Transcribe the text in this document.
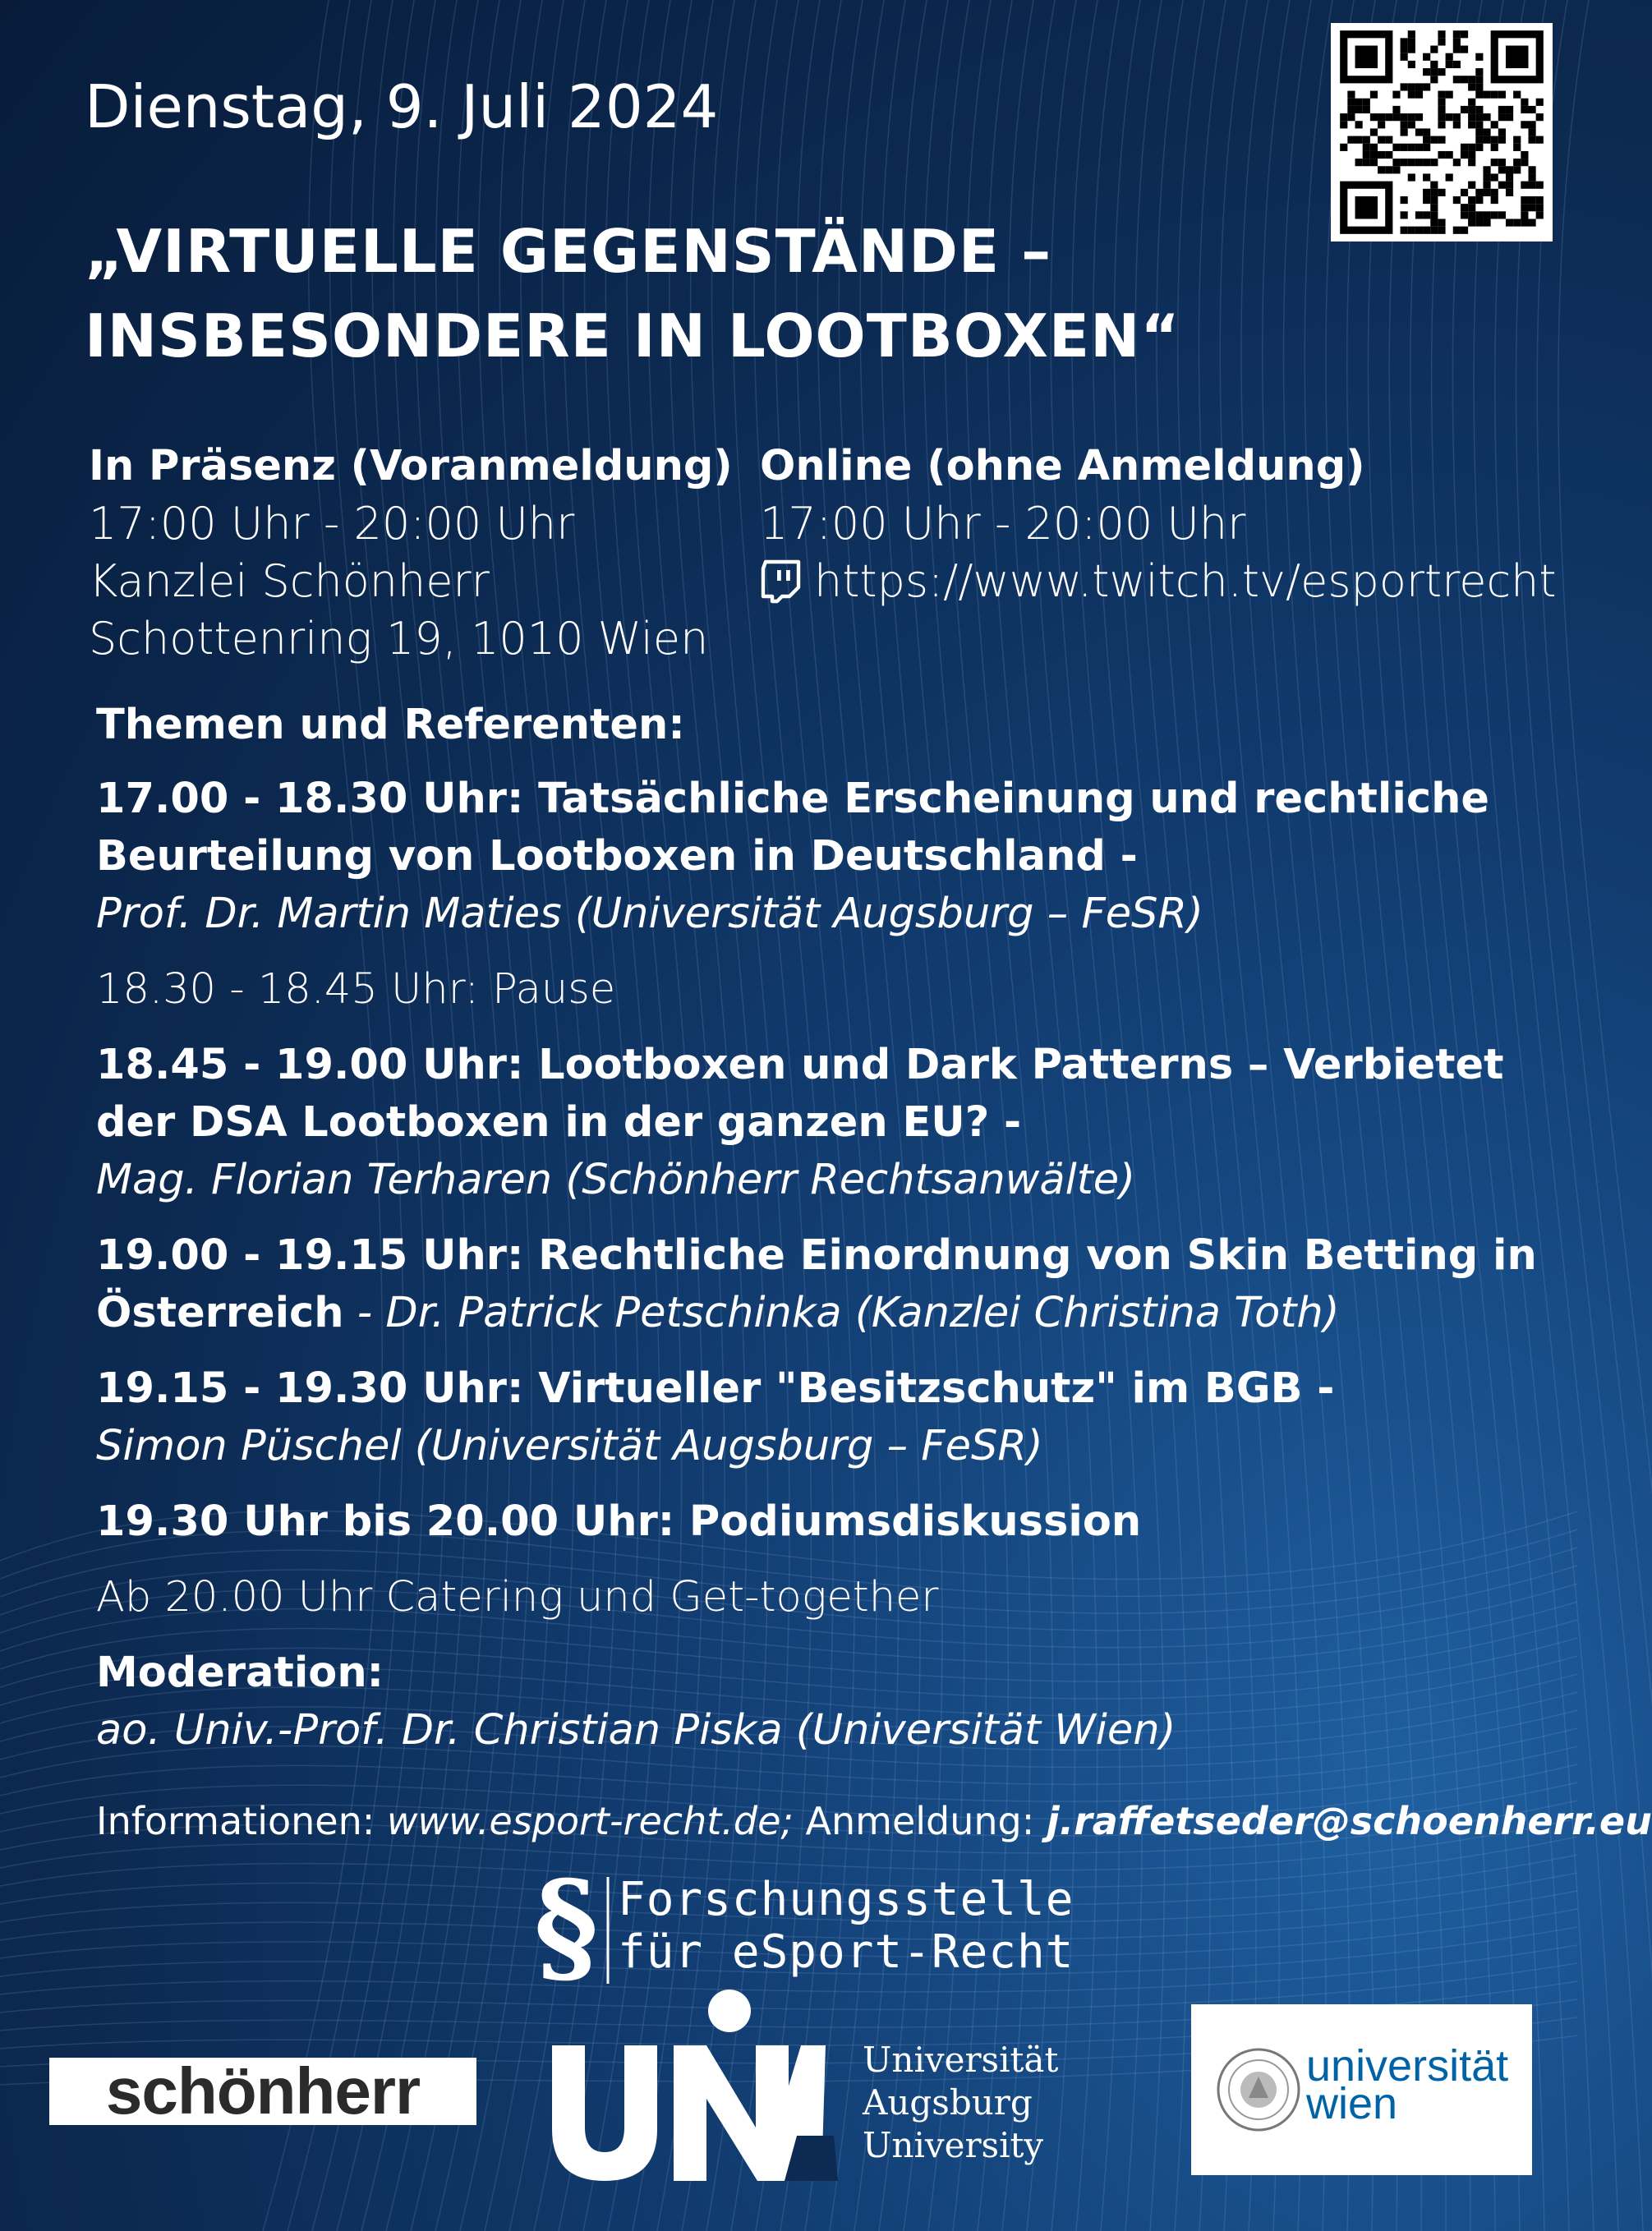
Dienstag, 9. Juli 2024
„VIRTUELLE GEGENSTÄNDE –
INSBESONDERE IN LOOTBOXEN“
In Präsenz (Voranmeldung)
17:00 Uhr - 20:00 Uhr
Kanzlei Schönherr
Schottenring 19, 1010 Wien
Online (ohne Anmeldung)
17:00 Uhr - 20:00 Uhr
https://www.twitch.tv/esportrecht
Themen und Referenten:
17.00 - 18.30 Uhr: Tatsächliche Erscheinung und rechtliche
Beurteilung von Lootboxen in Deutschland -
Prof. Dr. Martin Maties (Universität Augsburg – FeSR)
18.30 - 18.45 Uhr: Pause
18.45 - 19.00 Uhr: Lootboxen und Dark Patterns – Verbietet
der DSA Lootboxen in der ganzen EU? -
Mag. Florian Terharen (Schönherr Rechtsanwälte)
19.00 - 19.15 Uhr: Rechtliche Einordnung von Skin Betting in
Österreich - Dr. Patrick Petschinka (Kanzlei Christina Toth)
19.15 - 19.30 Uhr: Virtueller "Besitzschutz" im BGB -
Simon Püschel (Universität Augsburg – FeSR)
19.30 Uhr bis 20.00 Uhr: Podiumsdiskussion
Ab 20.00 Uhr Catering und Get-together
Moderation:
ao. Univ.-Prof. Dr. Christian Piska (Universität Wien)
Informationen: www.esport-recht.de; Anmeldung: j.raffetseder@schoenherr.eu
§ Forschungsstelle
für eSport-Recht
schönherr	Universität
Augsburg
University
universität
wien
